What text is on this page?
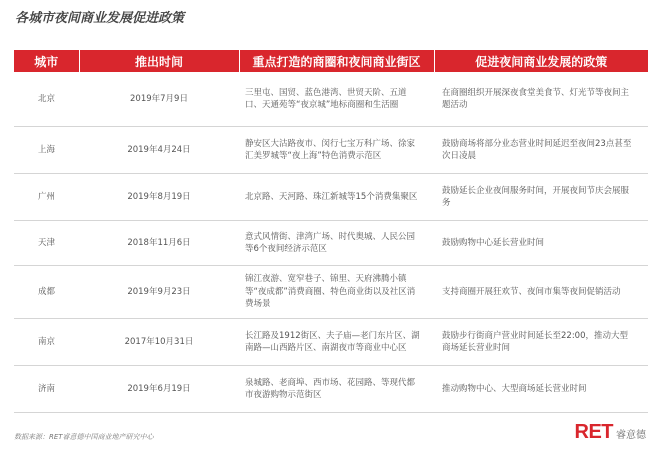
各城市夜间商业发展促进政策
城市	推出时间	重点打造的商圈和夜间商业街区	促进夜间商业发展的政策
北京	2019年7月9日	三里屯、国贸、蓝色港湾、世贸天阶、五道口、天通苑等“夜京城”地标商圈和生活圈	在商圈组织开展深夜食堂美食节、灯光节等夜间主题活动
上海	2019年4月24日	静安区大沽路夜市、闵行七宝万科广场、徐家汇美罗城等“夜上海”特色消费示范区	鼓励商场将部分业态营业时间延迟至夜间23点甚至次日凌晨
广州	2019年8月19日	北京路、天河路、珠江新城等15个消费集聚区	鼓励延长企业夜间服务时间，开展夜间节庆会展服务
天津	2018年11月6日	意式风情街、津湾广场、时代奥城、人民公园等6个夜间经济示范区	鼓励购物中心延长营业时间
成都	2019年9月23日	锦江夜游、宽窄巷子、锦里、天府沸腾小镇等“夜成都”消费商圈、特色商业街以及社区消费场景	支持商圈开展狂欢节、夜间市集等夜间促销活动
南京	2017年10月31日	长江路及1912街区、夫子庙—老门东片区、湖南路—山西路片区、南湖夜市等商业中心区	鼓励步行街商户营业时间延长至22:00，推动大型商场延长营业时间
济南	2019年6月19日	泉城路、老商埠、西市场、花园路、等现代都市夜游购物示范街区	推动购物中心、大型商场延长营业时间
数据来源：RET睿意德中国商业地产研究中心	RET 睿意德
